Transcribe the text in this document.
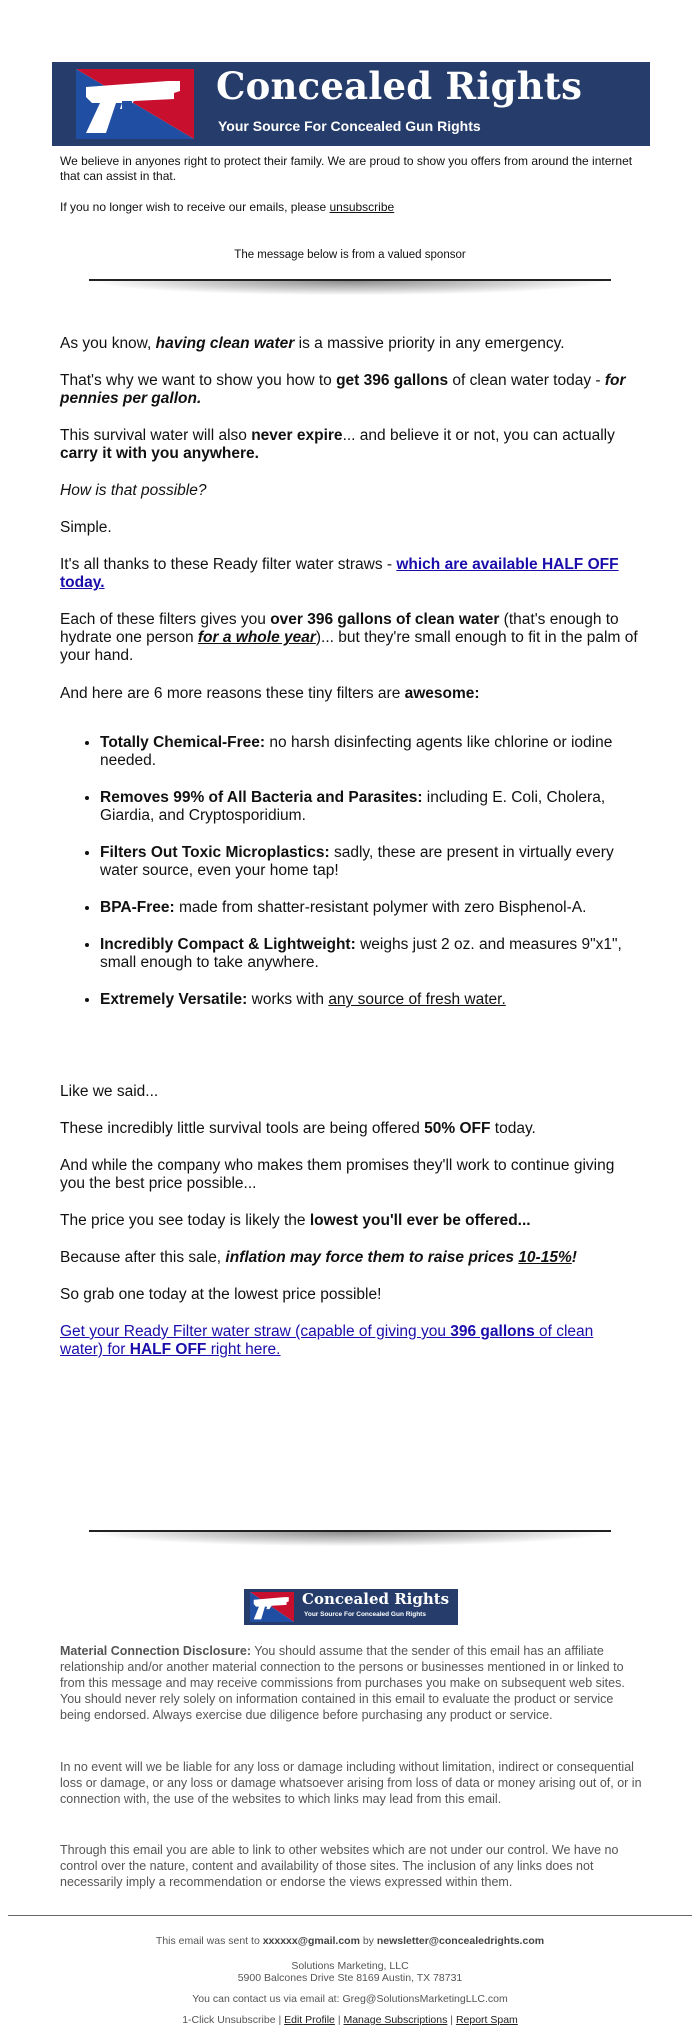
Concealed Rights
Your Source For Concealed Gun Rights
We believe in anyones right to protect their family. We are proud to show you offers from around the internet that can assist in that.
If you no longer wish to receive our emails, please unsubscribe
The message below is from a valued sponsor
As you know, having clean water is a massive priority in any emergency.
That's why we want to show you how to get 396 gallons of clean water today - for pennies per gallon.
This survival water will also never expire... and believe it or not, you can actually carry it with you anywhere.
How is that possible?
Simple.
It's all thanks to these Ready filter water straws - which are available HALF OFF today.
Each of these filters gives you over 396 gallons of clean water (that's enough to hydrate one person for a whole year)... but they're small enough to fit in the palm of your hand.
And here are 6 more reasons these tiny filters are awesome:
• Totally Chemical-Free: no harsh disinfecting agents like chlorine or iodine needed.
• Removes 99% of All Bacteria and Parasites: including E. Coli, Cholera, Giardia, and Cryptosporidium.
• Filters Out Toxic Microplastics: sadly, these are present in virtually every water source, even your home tap!
• BPA-Free: made from shatter-resistant polymer with zero Bisphenol-A.
• Incredibly Compact & Lightweight: weighs just 2 oz. and measures 9"x1", small enough to take anywhere.
• Extremely Versatile: works with any source of fresh water.
Like we said...
These incredibly little survival tools are being offered 50% OFF today.
And while the company who makes them promises they'll work to continue giving you the best price possible...
The price you see today is likely the lowest you'll ever be offered...
Because after this sale, inflation may force them to raise prices 10-15%!
So grab one today at the lowest price possible!
Get your Ready Filter water straw (capable of giving you 396 gallons of clean water) for HALF OFF right here.
Concealed Rights
Your Source For Concealed Gun Rights
Material Connection Disclosure: You should assume that the sender of this email has an affiliate relationship and/or another material connection to the persons or businesses mentioned in or linked to from this message and may receive commissions from purchases you make on subsequent web sites. You should never rely solely on information contained in this email to evaluate the product or service being endorsed. Always exercise due diligence before purchasing any product or service.
In no event will we be liable for any loss or damage including without limitation, indirect or consequential loss or damage, or any loss or damage whatsoever arising from loss of data or money arising out of, or in connection with, the use of the websites to which links may lead from this email.
Through this email you are able to link to other websites which are not under our control. We have no control over the nature, content and availability of those sites. The inclusion of any links does not necessarily imply a recommendation or endorse the views expressed within them.
This email was sent to xxxxxx@gmail.com by newsletter@concealedrights.com
Solutions Marketing, LLC
5900 Balcones Drive Ste 8169 Austin, TX 78731
You can contact us via email at: Greg@SolutionsMarketingLLC.com
1-Click Unsubscribe | Edit Profile | Manage Subscriptions | Report Spam
